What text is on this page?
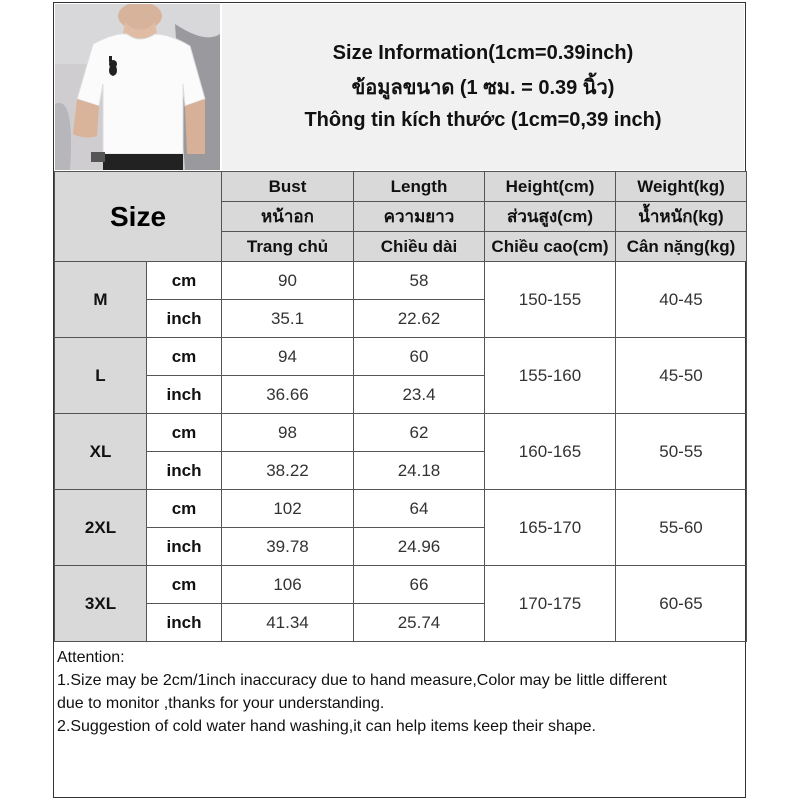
Size Information(1cm=0.39inch)
ข้อมูลขนาด (1 ซม. = 0.39 นิ้ว)
Thông tin kích thước (1cm=0,39 inch)
Size		Bust	Length	Height(cm)	Weight(kg)
		หน้าอก	ความยาว	ส่วนสูง(cm)	น้ำหนัก(kg)
		Trang chủ	Chiều dài	Chiều cao(cm)	Cân nặng(kg)
M	cm	90	58	150-155	40-45
	inch	35.1	22.62		
L	cm	94	60	155-160	45-50
	inch	36.66	23.4		
XL	cm	98	62	160-165	50-55
	inch	38.22	24.18		
2XL	cm	102	64	165-170	55-60
	inch	39.78	24.96		
3XL	cm	106	66	170-175	60-65
	inch	41.34	25.74		
Attention:
1.Size may be 2cm/1inch inaccuracy due to hand measure,Color may be little different
due to monitor ,thanks for your understanding.
2.Suggestion of cold water hand washing,it can help items keep their shape.
